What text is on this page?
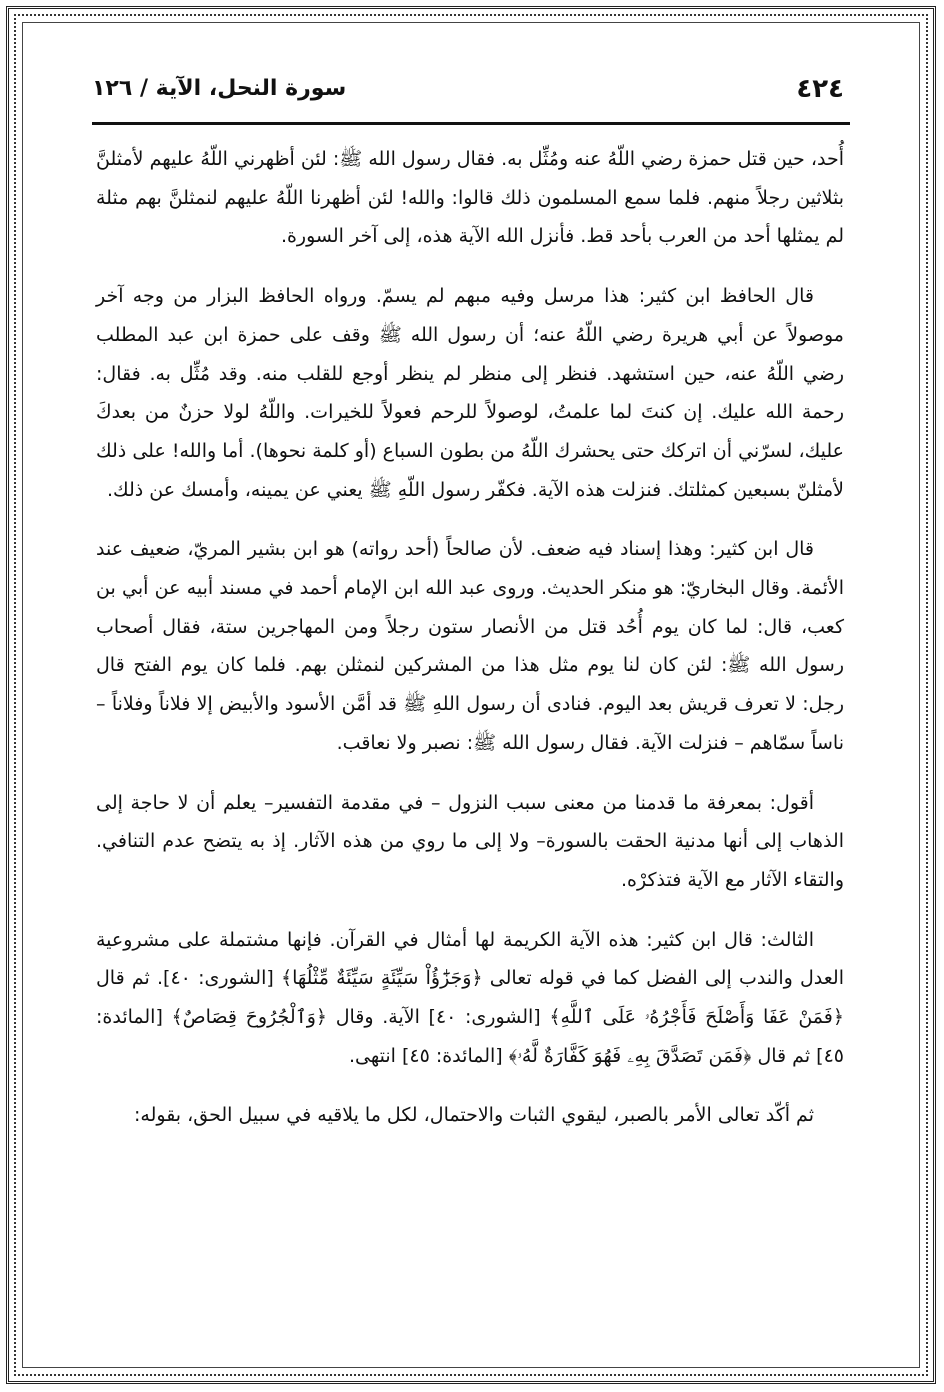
٤٢٤
سورة النحل، الآية / ١٢٦

أُحد، حين قتل حمزة رضي اللّهُ عنه ومُثِّل به. فقال رسول الله ﷺ: لئن أظهرني اللّهُ عليهم لأمثلنَّ بثلاثين رجلاً منهم. فلما سمع المسلمون ذلك قالوا: والله! لئن أظهرنا اللّهُ عليهم لنمثلنَّ بهم مثلة لم يمثلها أحد من العرب بأحد قط. فأنزل الله الآية هذه، إلى آخر السورة.

قال الحافظ ابن كثير: هذا مرسل وفيه مبهم لم يسمّ. ورواه الحافظ البزار من وجه آخر موصولاً عن أبي هريرة رضي اللّهُ عنه؛ أن رسول الله ﷺ وقف على حمزة ابن عبد المطلب رضي اللّهُ عنه، حين استشهد. فنظر إلى منظر لم ينظر أوجع للقلب منه. وقد مُثِّل به. فقال: رحمة الله عليك. إن كنتَ لما علمتُ، لوصولاً للرحم فعولاً للخيرات. واللّهُ لولا حزنٌ من بعدكَ عليك، لسرّني أن اتركك حتى يحشرك اللّهُ من بطون السباع (أو كلمة نحوها). أما والله! على ذلك لأمثلنّ بسبعين كمثلتك. فنزلت هذه الآية. فكفّر رسول اللّهِ ﷺ يعني عن يمينه، وأمسك عن ذلك.

قال ابن كثير: وهذا إسناد فيه ضعف. لأن صالحاً (أحد رواته) هو ابن بشير المريّ، ضعيف عند الأئمة. وقال البخاريّ: هو منكر الحديث. وروى عبد الله ابن الإمام أحمد في مسند أبيه عن أبي بن كعب، قال: لما كان يوم أُحُد قتل من الأنصار ستون رجلاً ومن المهاجرين ستة، فقال أصحاب رسول الله ﷺ: لئن كان لنا يوم مثل هذا من المشركين لنمثلن بهم. فلما كان يوم الفتح قال رجل: لا تعرف قريش بعد اليوم. فنادى أن رسول اللهِ ﷺ قد أمَّن الأسود والأبيض إلا فلاناً وفلاناً – ناساً سمّاهم – فنزلت الآية. فقال رسول الله ﷺ: نصبر ولا نعاقب.

أقول: بمعرفة ما قدمنا من معنى سبب النزول – في مقدمة التفسير– يعلم أن لا حاجة إلى الذهاب إلى أنها مدنية الحقت بالسورة– ولا إلى ما روي من هذه الآثار. إذ به يتضح عدم التنافي. والتقاء الآثار مع الآية فتذكرْه.

الثالث: قال ابن كثير: هذه الآية الكريمة لها أمثال في القرآن. فإنها مشتملة على مشروعية العدل والندب إلى الفضل كما في قوله تعالى ﴿وَجَزَٰٓؤُاْ سَيِّئَةٍ سَيِّئَةٌ مِّثْلُهَا﴾ [الشورى: ٤٠]. ثم قال ﴿فَمَنْ عَفَا وَأَصْلَحَ فَأَجْرُهُۥ عَلَى ٱللَّهِ﴾ [الشورى: ٤٠] الآية. وقال ﴿وَٱلْجُرُوحَ قِصَاصٌ﴾ [المائدة: ٤٥] ثم قال ﴿فَمَن تَصَدَّقَ بِهِۦ فَهُوَ كَفَّارَةٌ لَّهُۥ﴾ [المائدة: ٤٥] انتهى.

ثم أكّد تعالى الأمر بالصبر، ليقوي الثبات والاحتمال، لكل ما يلاقيه في سبيل الحق، بقوله:
